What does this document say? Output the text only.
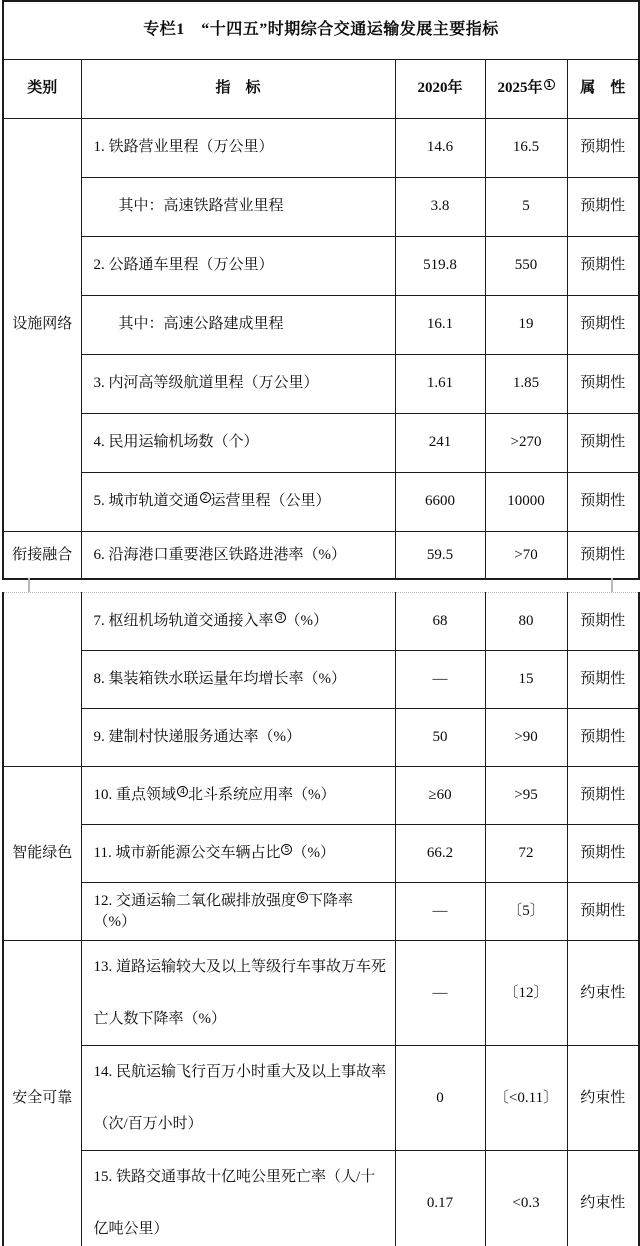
专栏1　“十四五”时期综合交通运输发展主要指标				
类别	指　标	2020年	2025年 1	属　性
设施网络	1. 铁路营业里程（万公里）	14.6	16.5	预期性
	其中：高速铁路营业里程	3.8	5	预期性
	2. 公路通车里程（万公里）	519.8	550	预期性
	其中：高速公路建成里程	16.1	19	预期性
	3. 内河高等级航道里程（万公里）	1.61	1.85	预期性
	4. 民用运输机场数（个）	241	>270	预期性
	5. 城市轨道交通 2 运营里程（公里）	6600	10000	预期性
衔接融合	6. 沿海港口重要港区铁路进港率（%）	59.5	>70	预期性
	7. 枢纽机场轨道交通接入率 3 （%）	68	80	预期性
	8. 集装箱铁水联运量年均增长率（%）	—	15	预期性
	9. 建制村快递服务通达率（%）	50	>90	预期性
智能绿色	10. 重点领域 4 北斗系统应用率（%）	≥60	>95	预期性
	11. 城市新能源公交车辆占比 5 （%）	66.2	72	预期性
	12. 交通运输二氧化碳排放强度 6 下降率（%）	—	〔5〕	预期性
安全可靠	13. 道路运输较大及以上等级行车事故万车死亡人数下降率（%）	—	〔12〕	约束性
	14. 民航运输飞行百万小时重大及以上事故率（次/百万小时）	0	〔<0.11〕	约束性
	15. 铁路交通事故十亿吨公里死亡率（人/十亿吨公里）	0.17	<0.3	约束性
